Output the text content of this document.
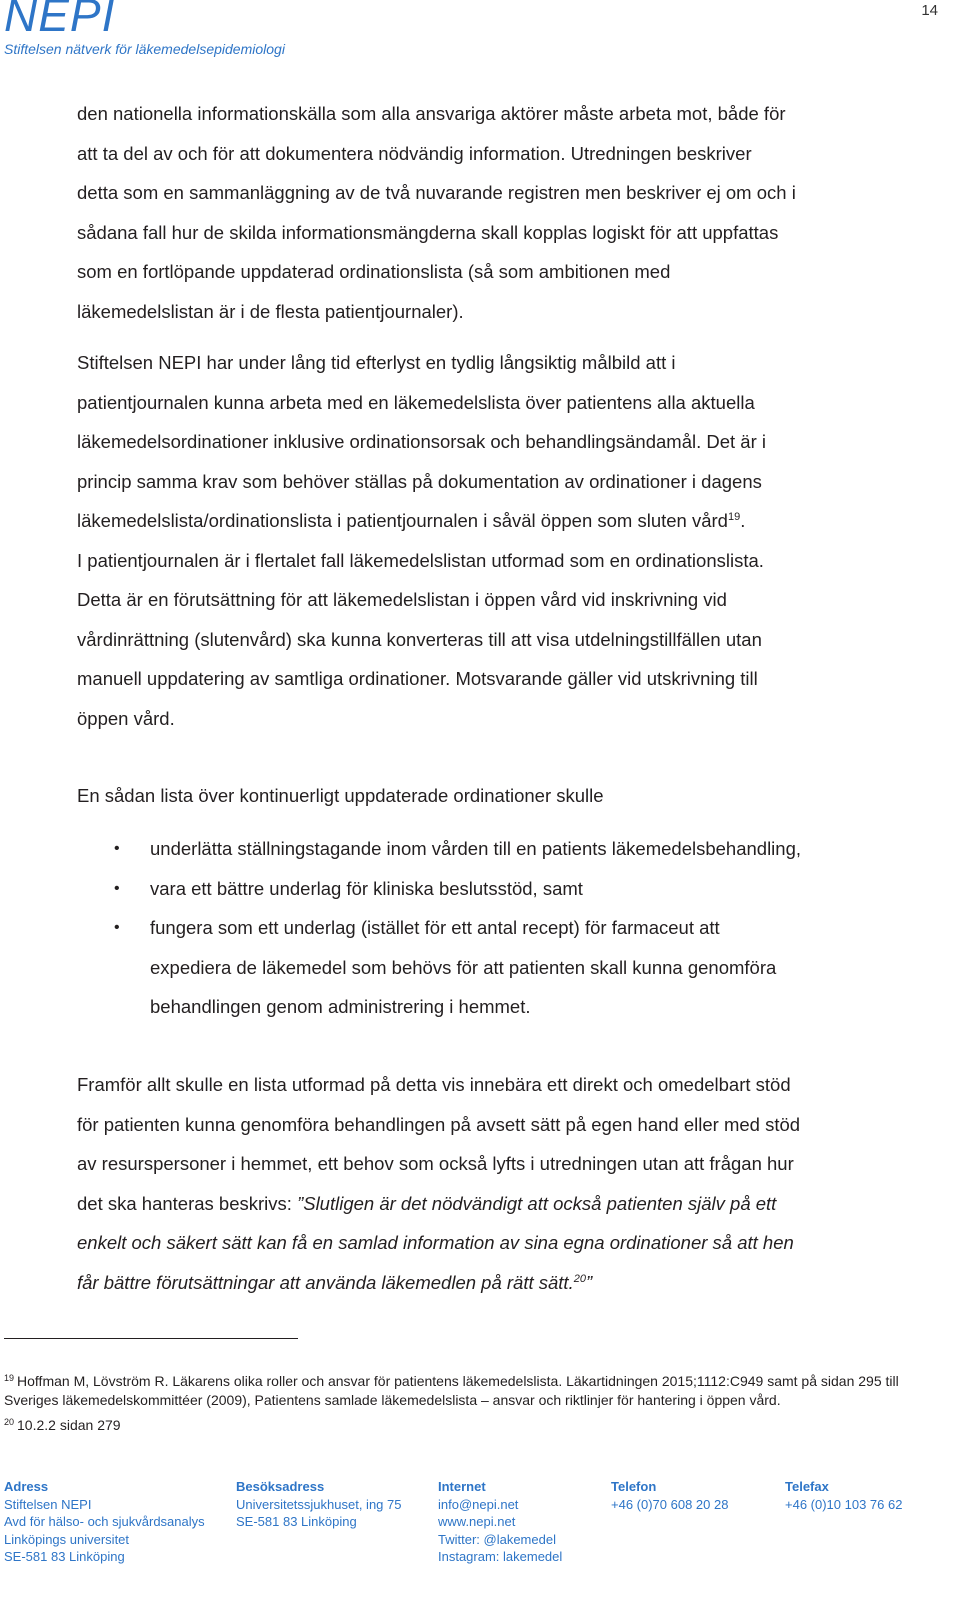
NEPI
Stiftelsen nätverk för läkemedelsepidemiologi
14

den nationella informationskälla som alla ansvariga aktörer måste arbeta mot, både för

att ta del av och för att dokumentera nödvändig information. Utredningen beskriver

detta som en sammanläggning av de två nuvarande registren men beskriver ej om och i

sådana fall hur de skilda informationsmängderna skall kopplas logiskt för att uppfattas

som en fortlöpande uppdaterad ordinationslista (så som ambitionen med

läkemedelslistan är i de flesta patientjournaler).

Stiftelsen NEPI har under lång tid efterlyst en tydlig långsiktig målbild att i

patientjournalen kunna arbeta med en läkemedelslista över patientens alla aktuella

läkemedelsordinationer inklusive ordinationsorsak och behandlingsändamål. Det är i

princip samma krav som behöver ställas på dokumentation av ordinationer i dagens

läkemedelslista/ordinationslista i patientjournalen i såväl öppen som sluten vård$^{19}$.

I patientjournalen är i flertalet fall läkemedelslistan utformad som en ordinationslista.

Detta är en förutsättning för att läkemedelslistan i öppen vård vid inskrivning vid

vårdinrättning (slutenvård) ska kunna konverteras till att visa utdelningstillfällen utan

manuell uppdatering av samtliga ordinationer. Motsvarande gäller vid utskrivning till

öppen vård.

En sådan lista över kontinuerligt uppdaterade ordinationer skulle

• underlätta ställningstagande inom vården till en patients läkemedelsbehandling,

• vara ett bättre underlag för kliniska beslutsstöd, samt

• fungera som ett underlag (istället för ett antal recept) för farmaceut att

expediera de läkemedel som behövs för att patienten skall kunna genomföra

behandlingen genom administrering i hemmet.

Framför allt skulle en lista utformad på detta vis innebära ett direkt och omedelbart stöd

för patienten kunna genomföra behandlingen på avsett sätt på egen hand eller med stöd

av resurspersoner i hemmet, ett behov som också lyfts i utredningen utan att frågan hur

det ska hanteras beskrivs: ”Slutligen är det nödvändigt att också patienten själv på ett

enkelt och säkert sätt kan få en samlad information av sina egna ordinationer så att hen

får bättre förutsättningar att använda läkemedlen på rätt sätt.$^{20}$”

$^{19}$ Hoffman M, Lövström R. Läkarens olika roller och ansvar för patientens läkemedelslista. Läkartidningen 2015;1112:C949 samt på sidan 295 till Sveriges läkemedelskommittéer (2009), Patientens samlade läkemedelslista – ansvar och riktlinjer för hantering i öppen vård.

$^{20}$ 10.2.2 sidan 279

Adress
Stiftelsen NEPI
Avd för hälso- och sjukvårdsanalys
Linköpings universitet
SE-581 83 Linköping
Besöksadress
Universitetssjukhuset, ing 75
SE-581 83 Linköping
Internet
info@nepi.net
www.nepi.net
Twitter: @lakemedel
Instagram: lakemedel
Telefon
+46 (0)70 608 20 28
Telefax
+46 (0)10 103 76 62
